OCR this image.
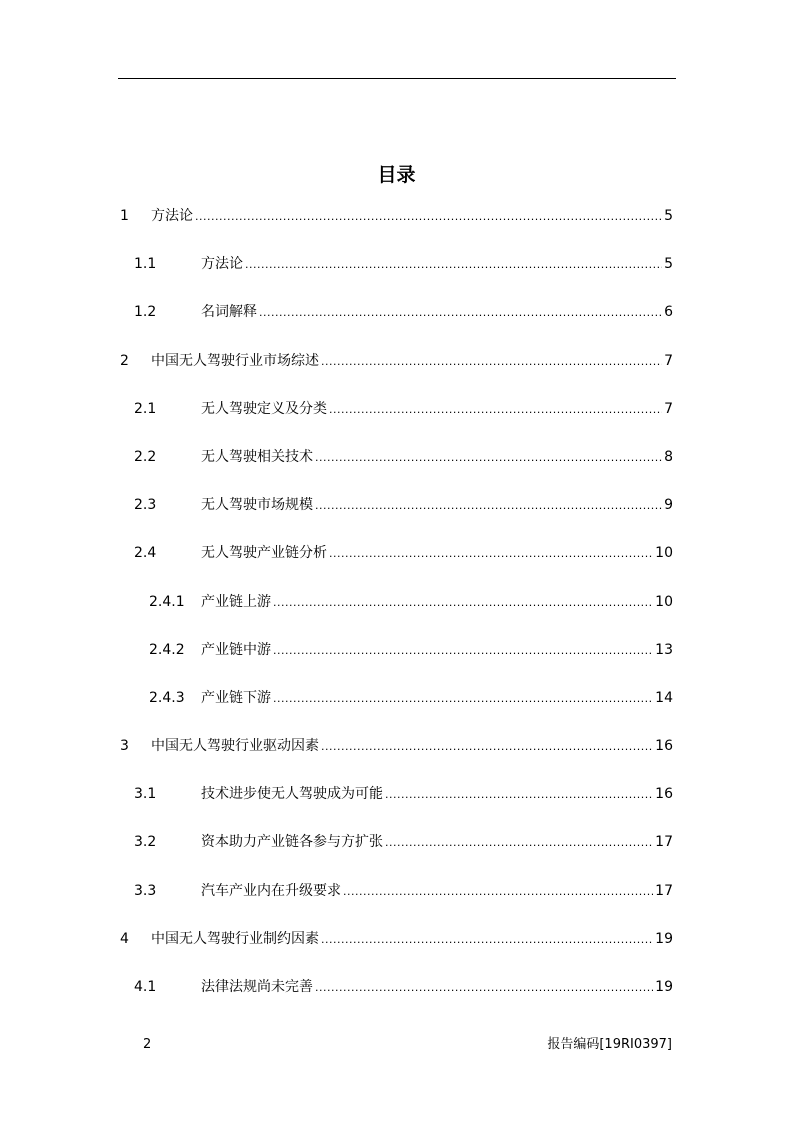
目录
1	方法论 .....	5
1.1	方法论 .....	5
1.2	名词解释 .....	6
2	中国无人驾驶行业市场综述 .....	7
2.1	无人驾驶定义及分类 .....	7
2.2	无人驾驶相关技术 .....	8
2.3	无人驾驶市场规模 .....	9
2.4	无人驾驶产业链分析 .....	10
2.4.1	产业链上游 .....	10
2.4.2	产业链中游 .....	13
2.4.3	产业链下游 .....	14
3	中国无人驾驶行业驱动因素 .....	16
3.1	技术进步使无人驾驶成为可能 .....	16
3.2	资本助力产业链各参与方扩张 .....	17
3.3	汽车产业内在升级要求 .....	17
4	中国无人驾驶行业制约因素 .....	19
4.1	法律法规尚未完善 .....	19
2	报告编码[19RI0397]
